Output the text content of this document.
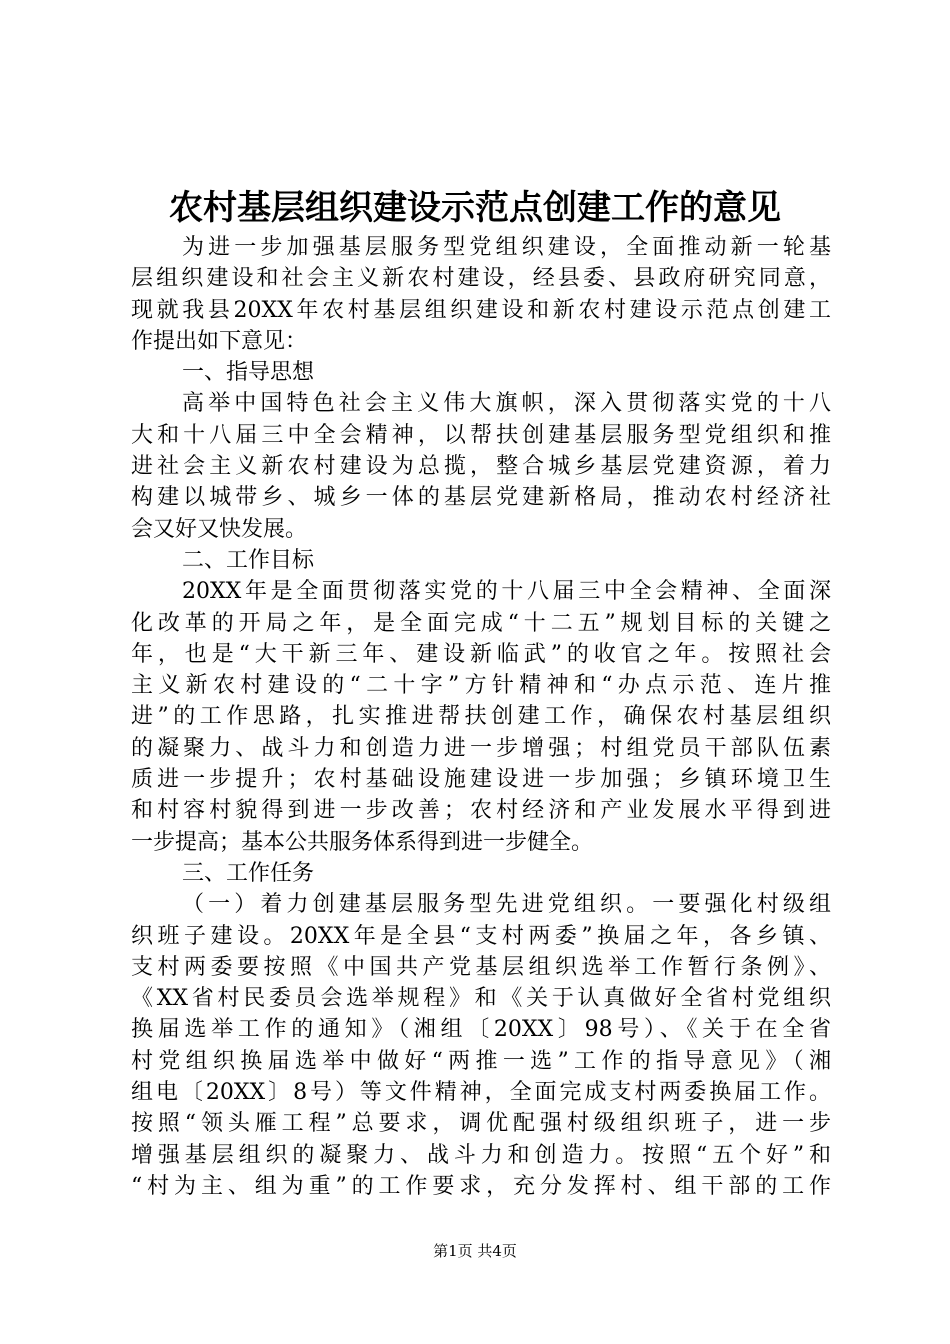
农村基层组织建设示范点创建工作的意见
为进一步加强基层服务型党组织建设，全面推动新一轮基
层组织建设和社会主义新农村建设，经县委、县政府研究同意，
现就我县20XX年农村基层组织建设和新农村建设示范点创建工
作提出如下意见：
一、指导思想
高举中国特色社会主义伟大旗帜，深入贯彻落实党的十八
大和十八届三中全会精神，以帮扶创建基层服务型党组织和推
进社会主义新农村建设为总揽，整合城乡基层党建资源，着力
构建以城带乡、城乡一体的基层党建新格局，推动农村经济社
会又好又快发展。
二、工作目标
20XX年是全面贯彻落实党的十八届三中全会精神、全面深
化改革的开局之年，是全面完成“十二五”规划目标的关键之
年，也是“大干新三年、建设新临武”的收官之年。按照社会
主义新农村建设的“二十字”方针精神和“办点示范、连片推
进”的工作思路，扎实推进帮扶创建工作，确保农村基层组织
的凝聚力、战斗力和创造力进一步增强；村组党员干部队伍素
质进一步提升；农村基础设施建设进一步加强；乡镇环境卫生
和村容村貌得到进一步改善；农村经济和产业发展水平得到进
一步提高；基本公共服务体系得到进一步健全。
三、工作任务
（一）着力创建基层服务型先进党组织。一要强化村级组
织班子建设。20XX年是全县“支村两委”换届之年，各乡镇、
支村两委要按照《中国共产党基层组织选举工作暂行条例》、
《XX省村民委员会选举规程》和《关于认真做好全省村党组织
换届选举工作的通知》（湘组〔20XX〕98号）、《关于在全省
村党组织换届选举中做好“两推一选”工作的指导意见》（湘
组电〔20XX〕8号）等文件精神，全面完成支村两委换届工作。
按照“领头雁工程”总要求，调优配强村级组织班子，进一步
增强基层组织的凝聚力、战斗力和创造力。按照“五个好”和
“村为主、组为重”的工作要求，充分发挥村、组干部的工作
第1页 共4页
